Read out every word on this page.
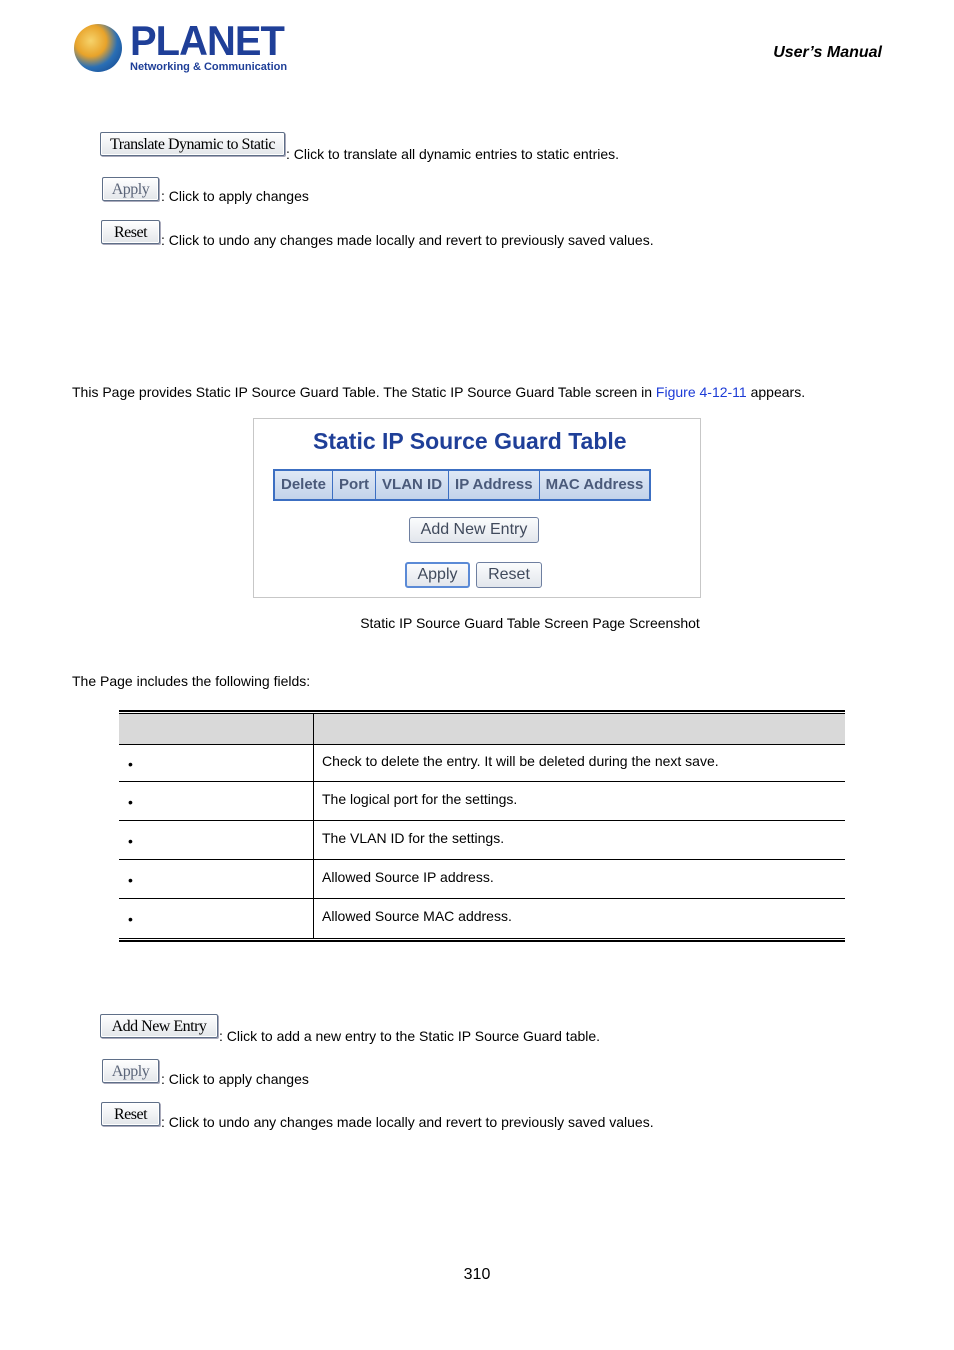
PLANET
Networking & Communication
User’s Manual
Translate Dynamic to Static
: Click to translate all dynamic entries to static entries.
Apply : Click to apply changes
Reset : Click to undo any changes made locally and revert to previously saved values.
This Page provides Static IP Source Guard Table. The Static IP Source Guard Table screen in Figure 4-12-11 appears.
Static IP Source Guard Table
Delete Port VLAN ID IP Address MAC Address
Add New Entry
Apply	Reset
Static IP Source Guard Table Screen Page Screenshot
The Page includes the following fields:
•	Check to delete the entry. It will be deleted during the next save.
•	The logical port for the settings.
•	The VLAN ID for the settings.
•	Allowed Source IP address.
•	Allowed Source MAC address.
Add New Entry
: Click to add a new entry to the Static IP Source Guard table.
Apply : Click to apply changes
Reset : Click to undo any changes made locally and revert to previously saved values.
310
